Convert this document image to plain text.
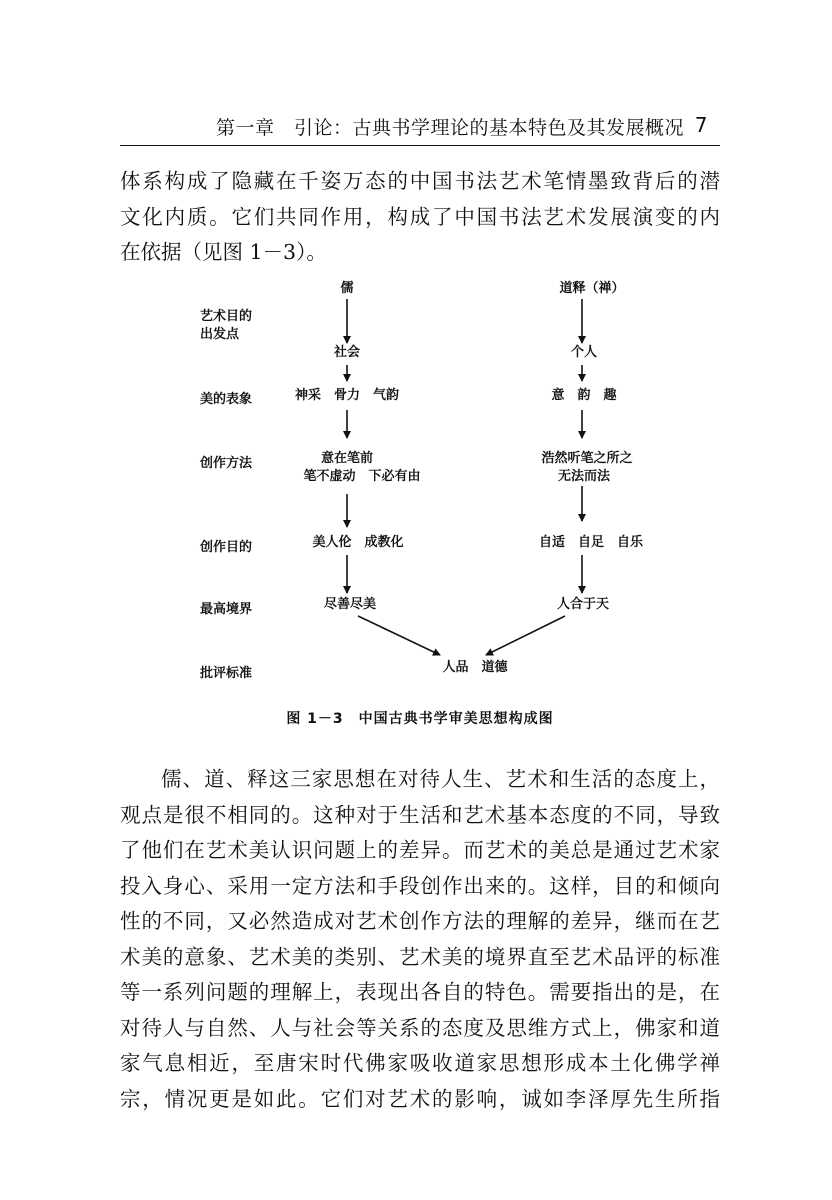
第一章　引论：古典书学理论的基本特色及其发展概况 7

体系构成了隐藏在千姿万态的中国书法艺术笔情墨致背后的潜

文化内质。它们共同作用，构成了中国书法艺术发展演变的内

在依据（见图 1－3）。

艺术目的
出发点
美的表象
创作方法
创作目的
最高境界
批评标准
儒
社会
神采　骨力　气韵
意在笔前
笔不虚动　下必有由
美人伦　成教化
尽善尽美
道释（禅）
个人
意　韵　趣
浩然听笔之所之
无法而法
自适　自足　自乐
人合于天
人品　道德
图 1－3　中国古典书学审美思想构成图

儒、道、释这三家思想在对待人生、艺术和生活的态度上，

观点是很不相同的。这种对于生活和艺术基本态度的不同，导致

了他们在艺术美认识问题上的差异。而艺术的美总是通过艺术家

投入身心、采用一定方法和手段创作出来的。这样，目的和倾向

性的不同，又必然造成对艺术创作方法的理解的差异，继而在艺

术美的意象、艺术美的类别、艺术美的境界直至艺术品评的标准

等一系列问题的理解上，表现出各自的特色。需要指出的是，在

对待人与自然、人与社会等关系的态度及思维方式上，佛家和道

家气息相近，至唐宋时代佛家吸收道家思想形成本土化佛学禅

宗，情况更是如此。它们对艺术的影响，诚如李泽厚先生所指
